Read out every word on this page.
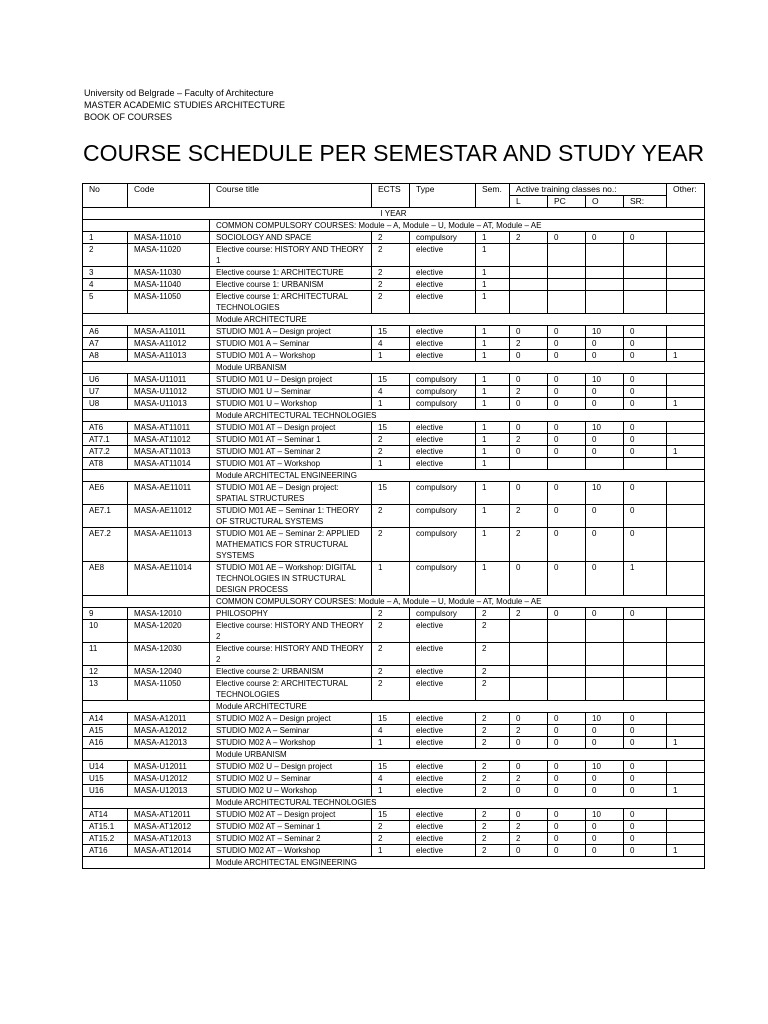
University od Belgrade – Faculty of Architecture
MASTER ACADEMIC STUDIES ARCHITECTURE
BOOK OF COURSES
COURSE SCHEDULE PER SEMESTAR AND STUDY YEAR
No	Code	Course title	ECTS	Type	Sem.	Active training classes no.:				Other:
						L	PC	O	SR:	
I YEAR										
		COMMON COMPULSORY COURSES: Module – A, Module – U, Module – AT, Module – AE								
1	MASA-11010	SOCIOLOGY AND SPACE	2	compulsory	1	2	0	0	0	
2	MASA-11020	Elective course: HISTORY AND THEORY 1	2	elective	1					
3	MASA-11030	Elective course 1: ARCHITECTURE	2	elective	1					
4	MASA-11040	Elective course 1: URBANISM	2	elective	1					
5	MASA-11050	Elective course 1: ARCHITECTURAL TECHNOLOGIES	2	elective	1					
		Module ARCHITECTURE								
A6	MASA-A11011	STUDIO M01 A – Design project	15	elective	1	0	0	10	0	
A7	MASA-A11012	STUDIO M01 A – Seminar	4	elective	1	2	0	0	0	
A8	MASA-A11013	STUDIO M01 A – Workshop	1	elective	1	0	0	0	0	1
		Module URBANISM								
U6	MASA-U11011	STUDIO M01 U – Design project	15	compulsory	1	0	0	10	0	
U7	MASA-U11012	STUDIO M01 U – Seminar	4	compulsory	1	2	0	0	0	
U8	MASA-U11013	STUDIO M01 U – Workshop	1	compulsory	1	0	0	0	0	1
		Module ARCHITECTURAL TECHNOLOGIES								
AT6	MASA-AT11011	STUDIO M01 AT – Design project	15	elective	1	0	0	10	0	
AT7.1	MASA-AT11012	STUDIO M01 AT – Seminar 1	2	elective	1	2	0	0	0	
AT7.2	MASA-AT11013	STUDIO M01 AT – Seminar 2	2	elective	1	0	0	0	0	1
AT8	MASA-AT11014	STUDIO M01 AT – Workshop	1	elective	1					
		Module ARCHITECTAL ENGINEERING								
AE6	MASA-AE11011	STUDIO M01 AE – Design project: SPATIAL STRUCTURES	15	compulsory	1	0	0	10	0	
AE7.1	MASA-AE11012	STUDIO M01 AE – Seminar 1: THEORY OF STRUCTURAL SYSTEMS	2	compulsory	1	2	0	0	0	
AE7.2	MASA-AE11013	STUDIO M01 AE – Seminar 2: APPLIED MATHEMATICS FOR STRUCTURAL SYSTEMS	2	compulsory	1	2	0	0	0	
AE8	MASA-AE11014	STUDIO M01 AE – Workshop: DIGITAL TECHNOLOGIES IN STRUCTURAL DESIGN PROCESS	1	compulsory	1	0	0	0	1	
		COMMON COMPULSORY COURSES: Module – A, Module – U, Module – AT, Module – AE								
9	MASA-12010	PHILOSOPHY	2	compulsory	2	2	0	0	0	
10	MASA-12020	Elective course: HISTORY AND THEORY 2	2	elective	2					
11	MASA-12030	Elective course: HISTORY AND THEORY 2	2	elective	2					
12	MASA-12040	Elective course 2: URBANISM	2	elective	2					
13	MASA-11050	Elective course 2: ARCHITECTURAL TECHNOLOGIES	2	elective	2					
		Module ARCHITECTURE								
A14	MASA-A12011	STUDIO M02 A – Design project	15	elective	2	0	0	10	0	
A15	MASA-A12012	STUDIO M02 A – Seminar	4	elective	2	2	0	0	0	
A16	MASA-A12013	STUDIO M02 A – Workshop	1	elective	2	0	0	0	0	1
		Module URBANISM								
U14	MASA-U12011	STUDIO M02 U – Design project	15	elective	2	0	0	10	0	
U15	MASA-U12012	STUDIO M02 U – Seminar	4	elective	2	2	0	0	0	
U16	MASA-U12013	STUDIO M02 U – Workshop	1	elective	2	0	0	0	0	1
		Module ARCHITECTURAL TECHNOLOGIES								
AT14	MASA-AT12011	STUDIO M02 AT – Design project	15	elective	2	0	0	10	0	
AT15.1	MASA-AT12012	STUDIO M02 AT – Seminar 1	2	elective	2	2	0	0	0	
AT15.2	MASA-AT12013	STUDIO M02 AT – Seminar 2	2	elective	2	2	0	0	0	
AT16	MASA-AT12014	STUDIO M02 AT – Workshop	1	elective	2	0	0	0	0	1
		Module ARCHITECTAL ENGINEERING								
